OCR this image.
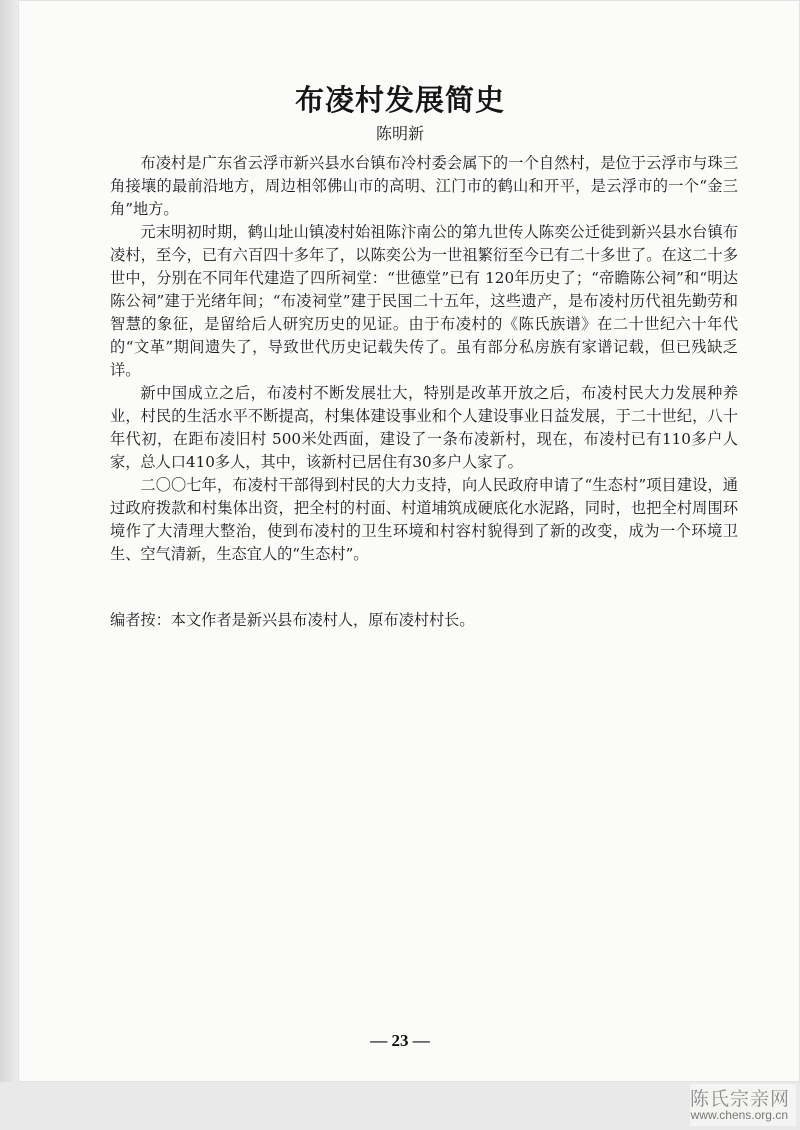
布凌村发展简史
陈明新

布凌村是广东省云浮市新兴县水台镇布冷村委会属下的一个自然村，是位于云浮市与珠三角接壤的最前沿地方，周边相邻佛山市的高明、江门市的鹤山和开平，是云浮市的一个“金三角”地方。

元末明初时期，鹤山址山镇凌村始祖陈汴南公的第九世传人陈奕公迁徙到新兴县水台镇布凌村，至今，已有六百四十多年了，以陈奕公为一世祖繁衍至今已有二十多世了。在这二十多世中，分别在不同年代建造了四所祠堂：“世德堂”已有 120年历史了；“帝瞻陈公祠”和“明达陈公祠”建于光绪年间；“布凌祠堂”建于民国二十五年，这些遗产，是布凌村历代祖先勤劳和智慧的象征，是留给后人研究历史的见证。由于布凌村的《陈氏族谱》在二十世纪六十年代的“文革”期间遗失了，导致世代历史记载失传了。虽有部分私房族有家谱记载，但已残缺乏详。

新中国成立之后，布凌村不断发展壮大，特别是改革开放之后，布凌村民大力发展种养业，村民的生活水平不断提高，村集体建设事业和个人建设事业日益发展，于二十世纪，八十年代初，在距布凌旧村 500米处西面，建设了一条布凌新村，现在，布凌村已有110多户人家，总人口410多人，其中，该新村已居住有30多户人家了。

二〇〇七年，布凌村干部得到村民的大力支持，向人民政府申请了“生态村”项目建设，通过政府拨款和村集体出资，把全村的村面、村道埔筑成硬底化水泥路，同时，也把全村周围环境作了大清理大整治，使到布凌村的卫生环境和村容村貌得到了新的改变，成为一个环境卫生、空气清新，生态宜人的“生态村”。

编者按：本文作者是新兴县布凌村人，原布凌村村长。
— 23 —
陈氏宗亲网
www.chens.org.cn
